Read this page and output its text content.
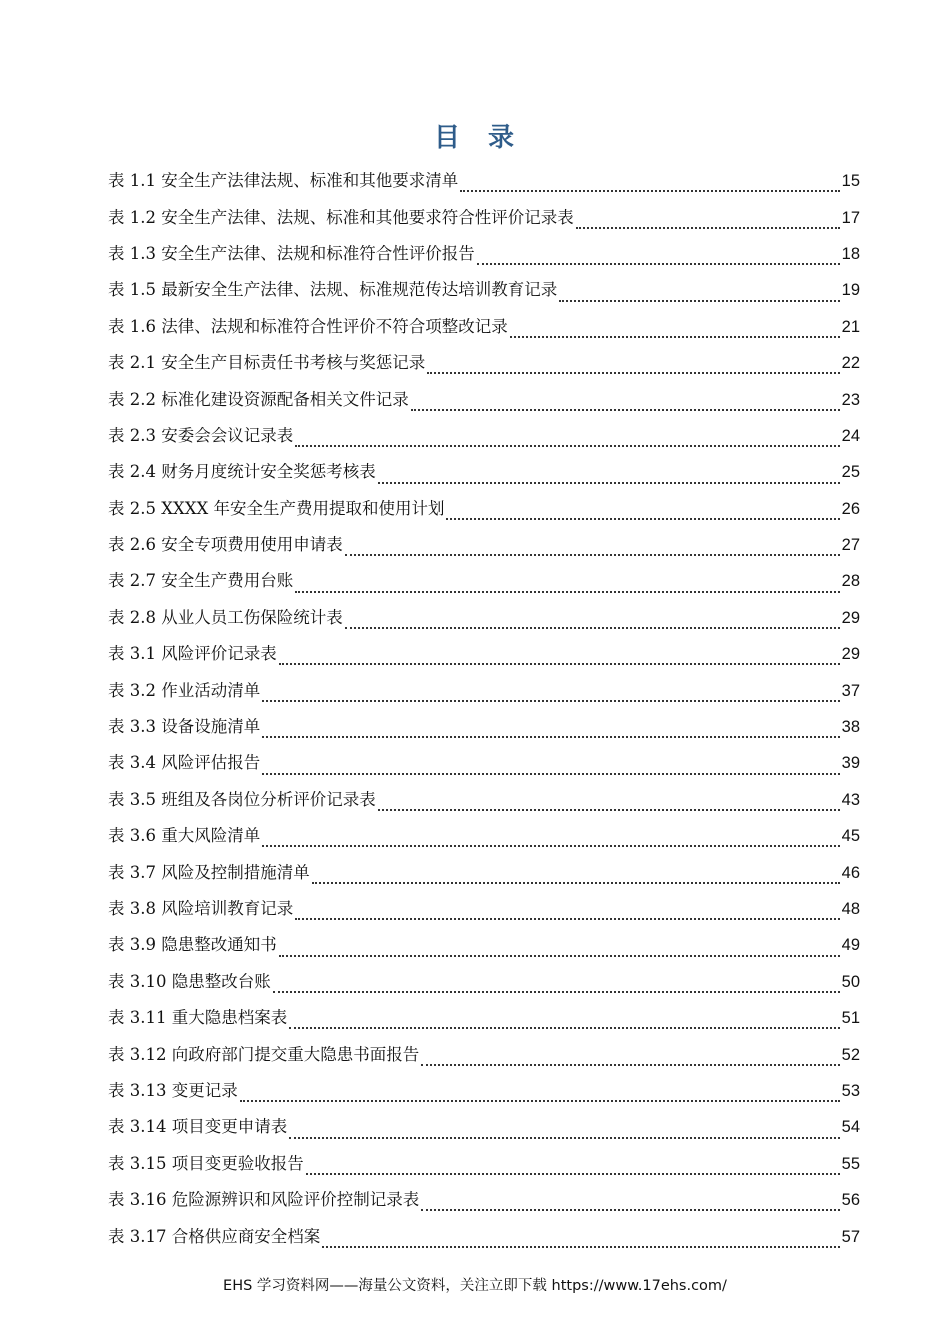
目 录
表 1.1 安全生产法律法规、标准和其他要求清单	15
表 1.2 安全生产法律、法规、标准和其他要求符合性评价记录表	17
表 1.3 安全生产法律、法规和标准符合性评价报告	18
表 1.5 最新安全生产法律、法规、标准规范传达培训教育记录	19
表 1.6 法律、法规和标准符合性评价不符合项整改记录	21
表 2.1 安全生产目标责任书考核与奖惩记录	22
表 2.2 标准化建设资源配备相关文件记录	23
表 2.3 安委会会议记录表	24
表 2.4 财务月度统计安全奖惩考核表	25
表 2.5 XXXX 年安全生产费用提取和使用计划	26
表 2.6 安全专项费用使用申请表	27
表 2.7 安全生产费用台账	28
表 2.8 从业人员工伤保险统计表	29
表 3.1 风险评价记录表	29
表 3.2 作业活动清单	37
表 3.3 设备设施清单	38
表 3.4 风险评估报告	39
表 3.5 班组及各岗位分析评价记录表	43
表 3.6 重大风险清单	45
表 3.7 风险及控制措施清单	46
表 3.8 风险培训教育记录	48
表 3.9 隐患整改通知书	49
表 3.10 隐患整改台账	50
表 3.11 重大隐患档案表	51
表 3.12 向政府部门提交重大隐患书面报告	52
表 3.13 变更记录	53
表 3.14 项目变更申请表	54
表 3.15 项目变更验收报告	55
表 3.16 危险源辨识和风险评价控制记录表	56
表 3.17 合格供应商安全档案	57
EHS 学习资料网——海量公文资料，关注立即下载 https://www.17ehs.com/
